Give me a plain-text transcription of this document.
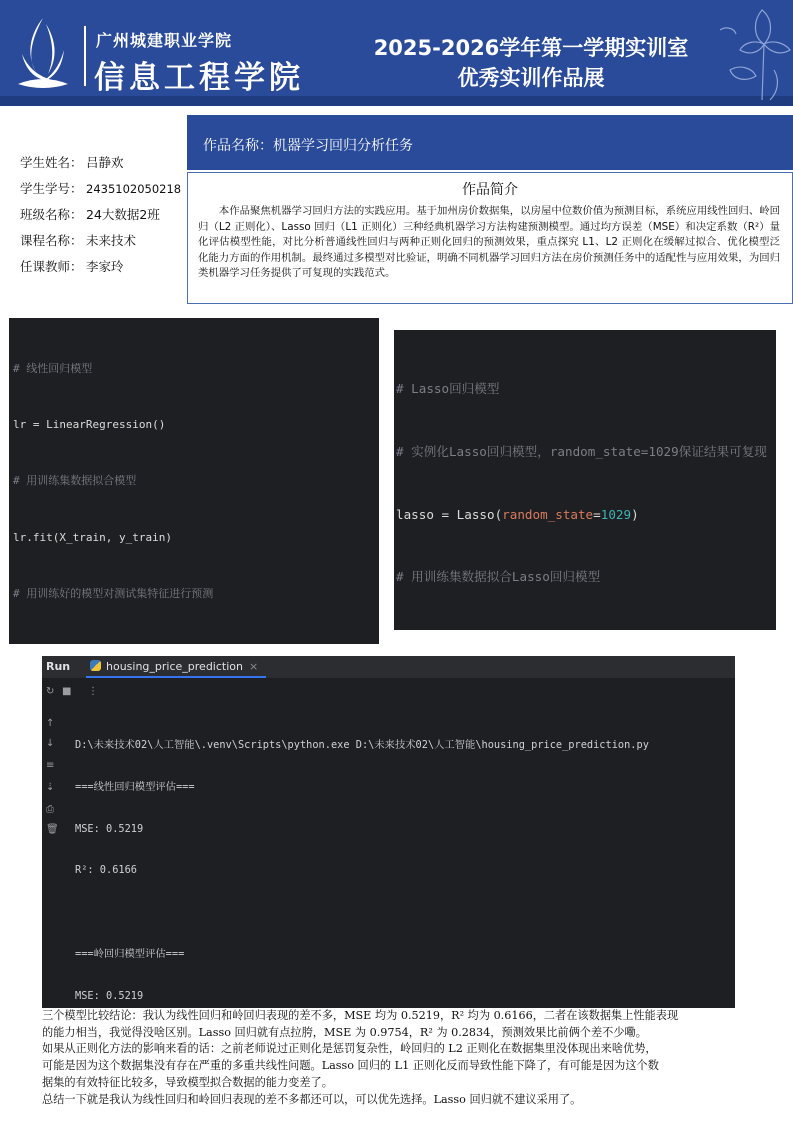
广州城建职业学院
信息工程学院
2025-2026学年第一学期实训室
优秀实训作品展
学生姓名： 吕静欢
学生学号： 2435102050218
班级名称： 24大数据2班
课程名称： 未来技术
任课教师： 李家玲
作品名称：机器学习回归分析任务
作品简介
本作品聚焦机器学习回归方法的实践应用。基于加州房价数据集，以房屋中位数价值为预测目标，系统应用线性回归、岭回归（L2 正则化）、Lasso 回归（L1 正则化）三种经典机器学习方法构建预测模型。通过均方误差（MSE）和决定系数（R²）量化评估模型性能，对比分析普通线性回归与两种正则化回归的预测效果，重点探究 L1、L2 正则化在缓解过拟合、优化模型泛化能力方面的作用机制。最终通过多模型对比验证，明确不同机器学习回归方法在房价预测任务中的适配性与应用效果，为回归类机器学习任务提供了可复现的实践范式。

# 线性回归模型

lr = LinearRegression()

# 用训练集数据拟合模型

lr.fit(X_train, y_train)

# 用训练好的模型对测试集特征进行预测

# Lasso回归模型

# 实例化Lasso回归模型，random_state=1029保证结果可复现

lasso = Lasso(random_state=1029)

# 用训练集数据拟合Lasso回归模型

Run	housing_price_prediction ×
↻ ■ ⋮
↑
↓
≡
⇣
⎙
🗑

D:\未来技术02\人工智能\.venv\Scripts\python.exe D:\未来技术02\人工智能\housing_price_prediction.py

===线性回归模型评估===

MSE: 0.5219

R²: 0.6166

===岭回归模型评估===

MSE: 0.5219

三个模型比较结论：我认为线性回归和岭回归表现的差不多，MSE 均为 0.5219，R² 均为 0.6166，二者在该数据集上性能表现

的能力相当，我觉得没啥区别。Lasso 回归就有点拉胯，MSE 为 0.9754，R² 为 0.2834，预测效果比前俩个差不少嘞。

如果从正则化方法的影响来看的话：之前老师说过正则化是惩罚复杂性，岭回归的 L2 正则化在数据集里没体现出来啥优势，

可能是因为这个数据集没有存在严重的多重共线性问题。Lasso 回归的 L1 正则化反而导致性能下降了，有可能是因为这个数

据集的有效特征比较多，导致模型拟合数据的能力变差了。

总结一下就是我认为线性回归和岭回归表现的差不多都还可以，可以优先选择。Lasso 回归就不建议采用了。
